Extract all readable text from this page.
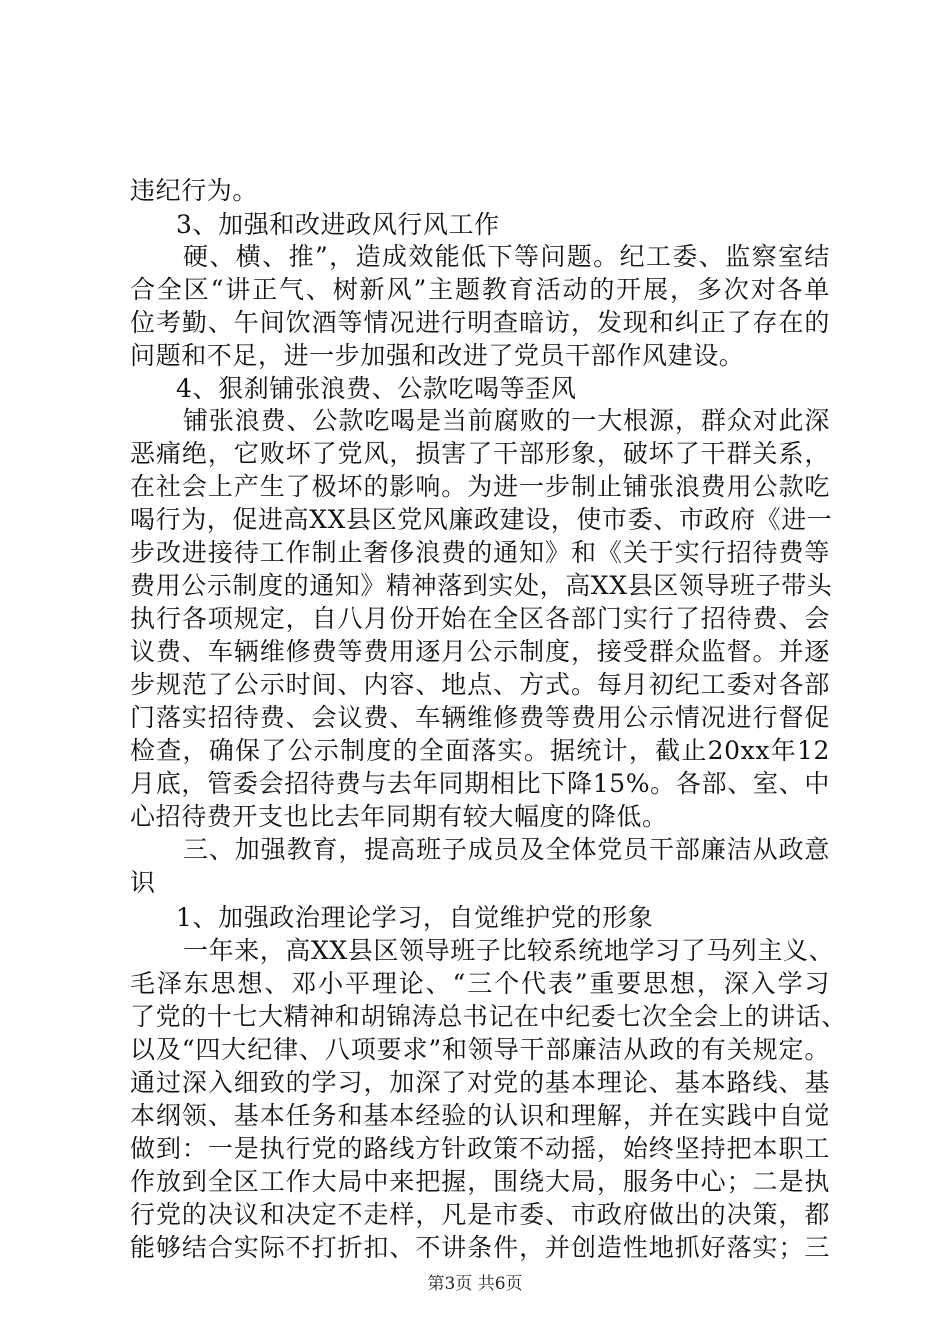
违纪行为。
3、加强和改进政风行风工作
硬、横、推”，造成效能低下等问题。纪工委、监察室结
合全区“讲正气、树新风”主题教育活动的开展，多次对各单
位考勤、午间饮酒等情况进行明查暗访，发现和纠正了存在的
问题和不足，进一步加强和改进了党员干部作风建设。
4、狠刹铺张浪费、公款吃喝等歪风
铺张浪费、公款吃喝是当前腐败的一大根源，群众对此深
恶痛绝，它败坏了党风，损害了干部形象，破坏了干群关系，
在社会上产生了极坏的影响。为进一步制止铺张浪费用公款吃
喝行为，促进高XX县区党风廉政建设，使市委、市政府《进一
步改进接待工作制止奢侈浪费的通知》和《关于实行招待费等
费用公示制度的通知》精神落到实处，高XX县区领导班子带头
执行各项规定，自八月份开始在全区各部门实行了招待费、会
议费、车辆维修费等费用逐月公示制度，接受群众监督。并逐
步规范了公示时间、内容、地点、方式。每月初纪工委对各部
门落实招待费、会议费、车辆维修费等费用公示情况进行督促
检查，确保了公示制度的全面落实。据统计，截止20xx年12
月底，管委会招待费与去年同期相比下降15%。各部、室、中
心招待费开支也比去年同期有较大幅度的降低。
三、加强教育，提高班子成员及全体党员干部廉洁从政意
识
1、加强政治理论学习，自觉维护党的形象
一年来，高XX县区领导班子比较系统地学习了马列主义、
毛泽东思想、邓小平理论、“三个代表”重要思想，深入学习
了党的十七大精神和胡锦涛总书记在中纪委七次全会上的讲话、
以及“四大纪律、八项要求”和领导干部廉洁从政的有关规定。
通过深入细致的学习，加深了对党的基本理论、基本路线、基
本纲领、基本任务和基本经验的认识和理解，并在实践中自觉
做到：一是执行党的路线方针政策不动摇，始终坚持把本职工
作放到全区工作大局中来把握，围绕大局，服务中心；二是执
行党的决议和决定不走样，凡是市委、市政府做出的决策，都
能够结合实际不打折扣、不讲条件，并创造性地抓好落实；三
第3页 共6页
